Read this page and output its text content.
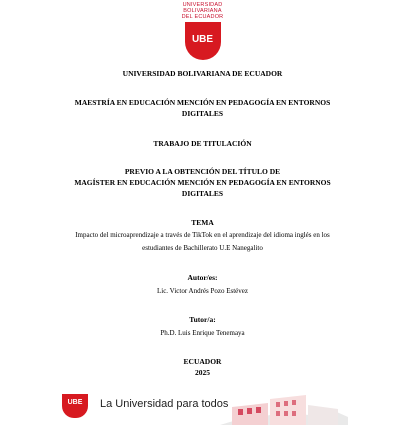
UNIVERSIDAD
BOLIVARIANA
DEL ECUADOR
UBE
UNIVERSIDAD BOLIVARIANA DE ECUADOR
MAESTRÍA EN EDUCACIÓN MENCIÓN EN PEDAGOGÍA EN ENTORNOS
DIGITALES
TRABAJO DE TITULACIÓN
PREVIO A LA OBTENCIÓN DEL TÍTULO DE
MAGÍSTER EN EDUCACIÓN MENCIÓN EN PEDAGOGÍA EN ENTORNOS
DIGITALES
TEMA
Impacto del microaprendizaje a través de TikTok en el aprendizaje del idioma inglés en los
estudiantes de Bachillerato U.E Nanegalito
Autor/es:
Lic. Victor Andrés Pozo Estévez
Tutor/a:
Ph.D. Luis Enrique Tenemaya
ECUADOR
2025
UBE	La Universidad para todos
